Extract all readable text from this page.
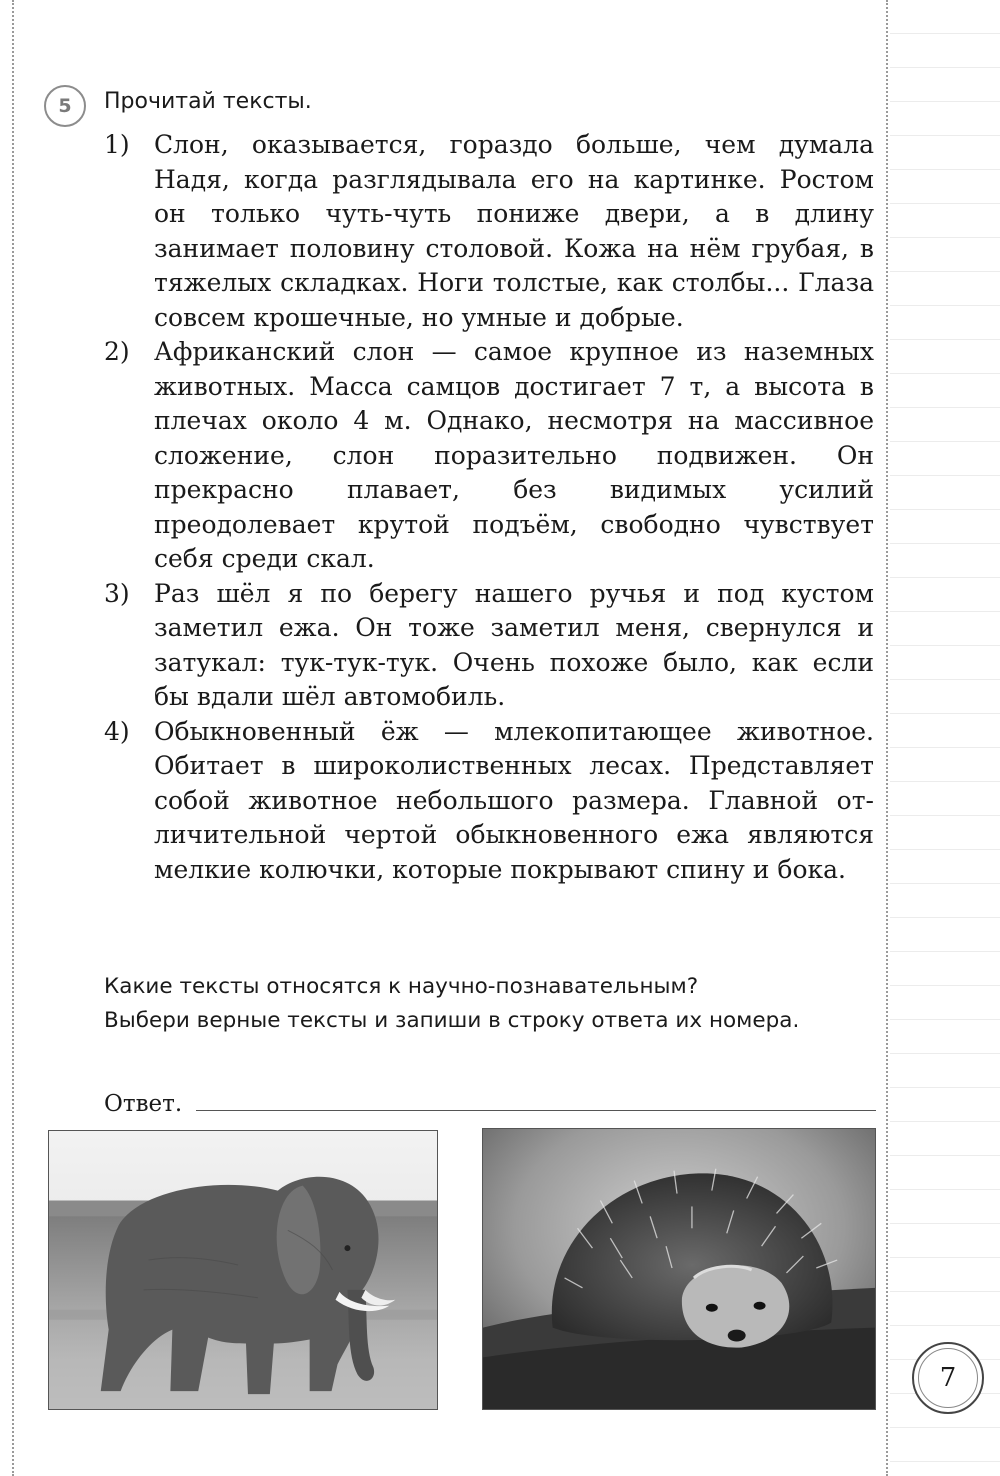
5	Прочитай тексты.
1) Слон, оказывается, гораздо больше, чем думала Надя, когда разглядывала его на картинке. Ростом он только чуть-чуть пониже двери, а в длину занимает половину столовой. Кожа на нём грубая, в тяжелых складках. Ноги толстые, как столбы... Глаза совсем крошечные, но умные и добрые.
2) Африканский слон — самое крупное из наземных животных. Масса самцов достигает 7 т, а высота в плечах около 4 м. Однако, несмотря на массивное сложение, слон поразительно подвижен. Он прекрасно плавает, без видимых усилий преодолевает крутой подъём, свободно чувствует себя среди скал.
3) Раз шёл я по берегу нашего ручья и под кустом заметил ежа. Он тоже заметил меня, свернулся и затукал: тук-тук-тук. Очень похоже было, как если бы вдали шёл автомобиль.
4) Обыкновенный ёж — млекопитающее животное. Обитает в широколиственных лесах. Представляет собой животное небольшого размера. Главной отличительной чертой обыкновенного ежа являются мелкие колючки, которые покрывают спину и бока.
Какие тексты относятся к научно-познавательным?
Выбери верные тексты и запиши в строку ответа их номера.
Ответ.
7
